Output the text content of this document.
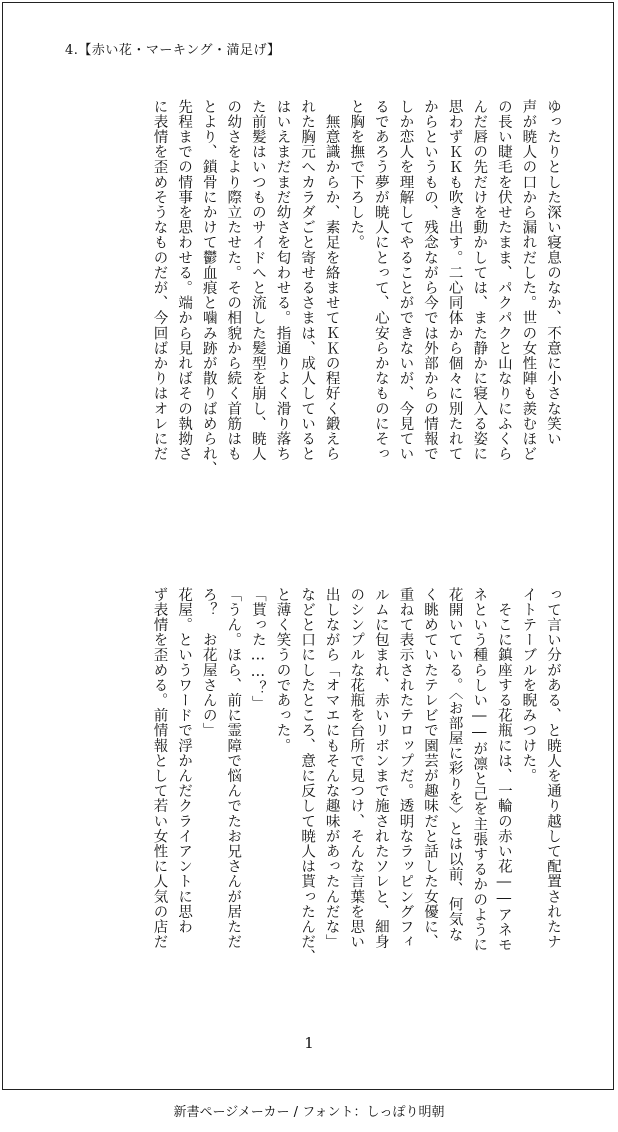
4.【赤い花・マーキング・満足げ】
ゆったりとした深い寝息のなか、不意に小さな笑い
声が暁人の口から漏れだした。世の女性陣も羨むほど
の長い睫毛を伏せたまま、パクパクと山なりにふくら
んだ唇の先だけを動かしては、また静かに寝入る姿に
思わずＫＫも吹き出す。二心同体から個々に別たれて
からというもの、残念ながら今では外部からの情報で
しか恋人を理解してやることができないが、今見てい
るであろう夢が暁人にとって、心安らかなものにそっ
と胸を撫で下ろした。
　無意識からか、素足を絡ませてＫＫの程好く鍛えら
れた胸元へカラダごと寄せるさまは、成人していると
はいえまだまだ幼さを匂わせる。指通りよく滑り落ち
た前髪はいつものサイドへと流した髪型を崩し、暁人
の幼さをより際立たせた。その相貌から続く首筋はも
とより、鎖骨にかけて鬱血痕と噛み跡が散りばめられ、
先程までの情事を思わせる。端から見ればその執拗さ
に表情を歪めそうなものだが、今回ばかりはオレにだ
って言い分がある、と暁人を通り越して配置されたナ
イトテーブルを睨みつけた。
　そこに鎮座する花瓶には、一輪の赤い花――アネモ
ネという種らしい――が凛と己を主張するかのように
花開いている。〈お部屋に彩りを〉とは以前、何気な
く眺めていたテレビで園芸が趣味だと話した女優に、
重ねて表示されたテロップだ。透明なラッピングフィ
ルムに包まれ、赤いリボンまで施されたソレと、細身
のシンプルな花瓶を台所で見つけ、そんな言葉を思い
出しながら「オマエにもそんな趣味があったんだな」
などと口にしたところ、意に反して暁人は貰ったんだ、
と薄く笑うのであった。
「貰った……？」
「うん。ほら、前に霊障で悩んでたお兄さんが居ただ
ろ？　お花屋さんの」
花屋。というワードで浮かんだクライアントに思わ
ず表情を歪める。前情報として若い女性に人気の店だ
1
新書ページメーカー / フォント：しっぽり明朝
